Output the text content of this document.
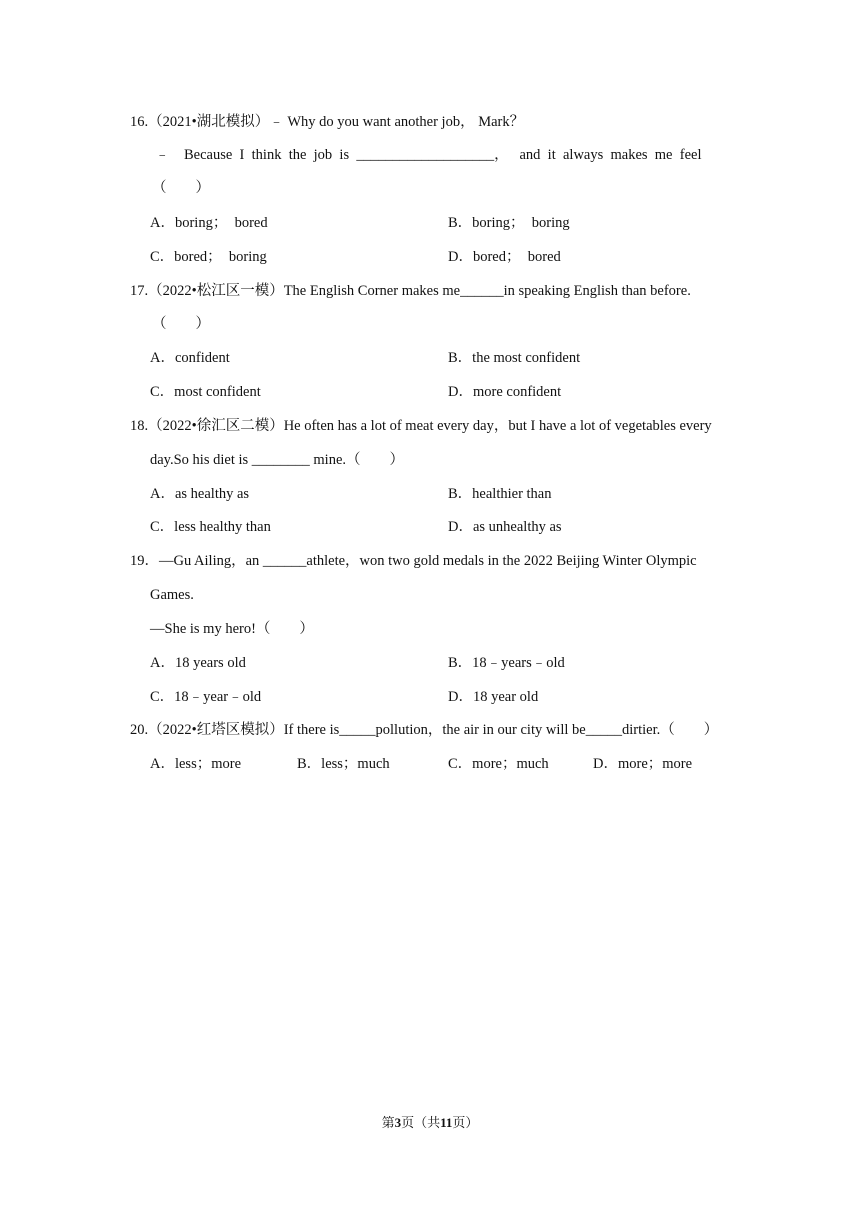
16.（2021•湖北模拟）﹣ Why do you want another job， Mark？
﹣　Because  I  think  the  job  is  ___________________，   and  it  always  makes  me  feel
（　　）
A．boring；　bored	B．boring；　boring
C．bored；　boring	D．bored；　bored
17.（2022•松江区一模）The English Corner makes me______in speaking English than before.
（　　）
A．confident	B．the most confident
C．most confident	D．more confident
18.（2022•徐汇区二模）He often has a lot of meat every day，but I have a lot of vegetables every
day.So his diet is ________ mine.（　　）
A．as healthy as	B．healthier than
C．less healthy than	D．as unhealthy as
19．—Gu Ailing，an ______athlete，won two gold medals in the 2022 Beijing Winter Olympic
Games.
—She is my hero!（　　）
A．18 years old	B．18﹣years﹣old
C．18﹣year﹣old	D．18 year old
20.（2022•红塔区模拟）If there is_____pollution，the air in our city will be_____dirtier.（　　）
A．less；more	B．less；much	C．more；much	D．more；more
第3页（共11页）
